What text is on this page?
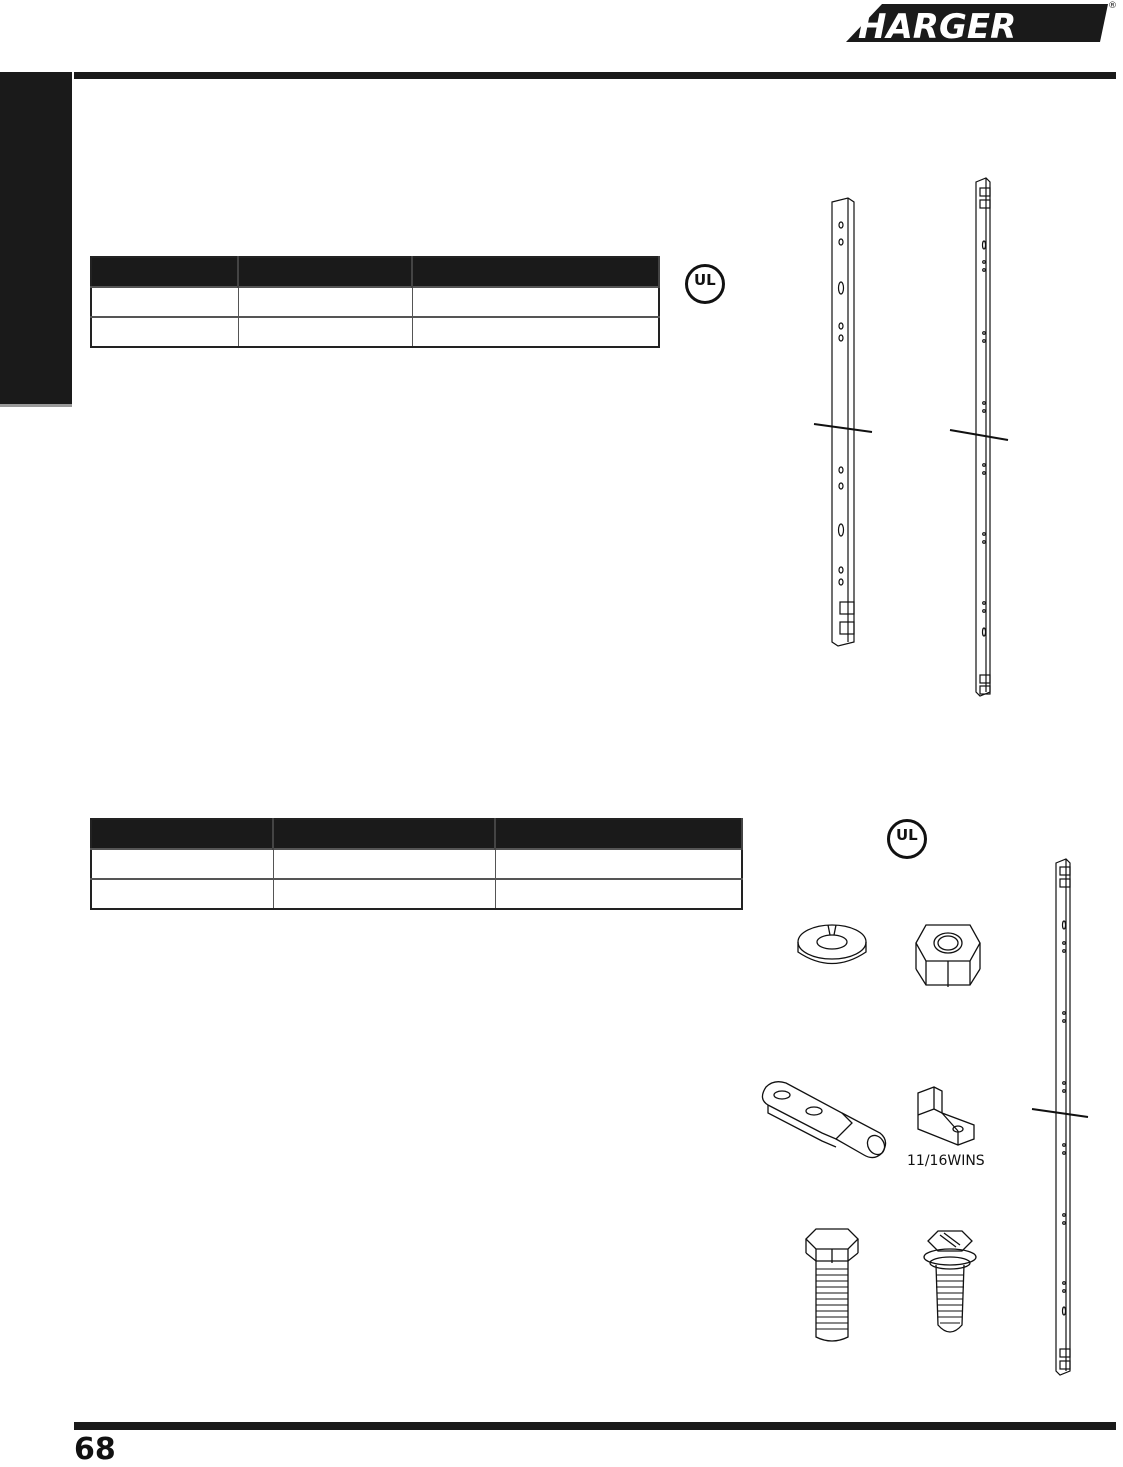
HARGER
®

UL
UL
11/16WINS
68
